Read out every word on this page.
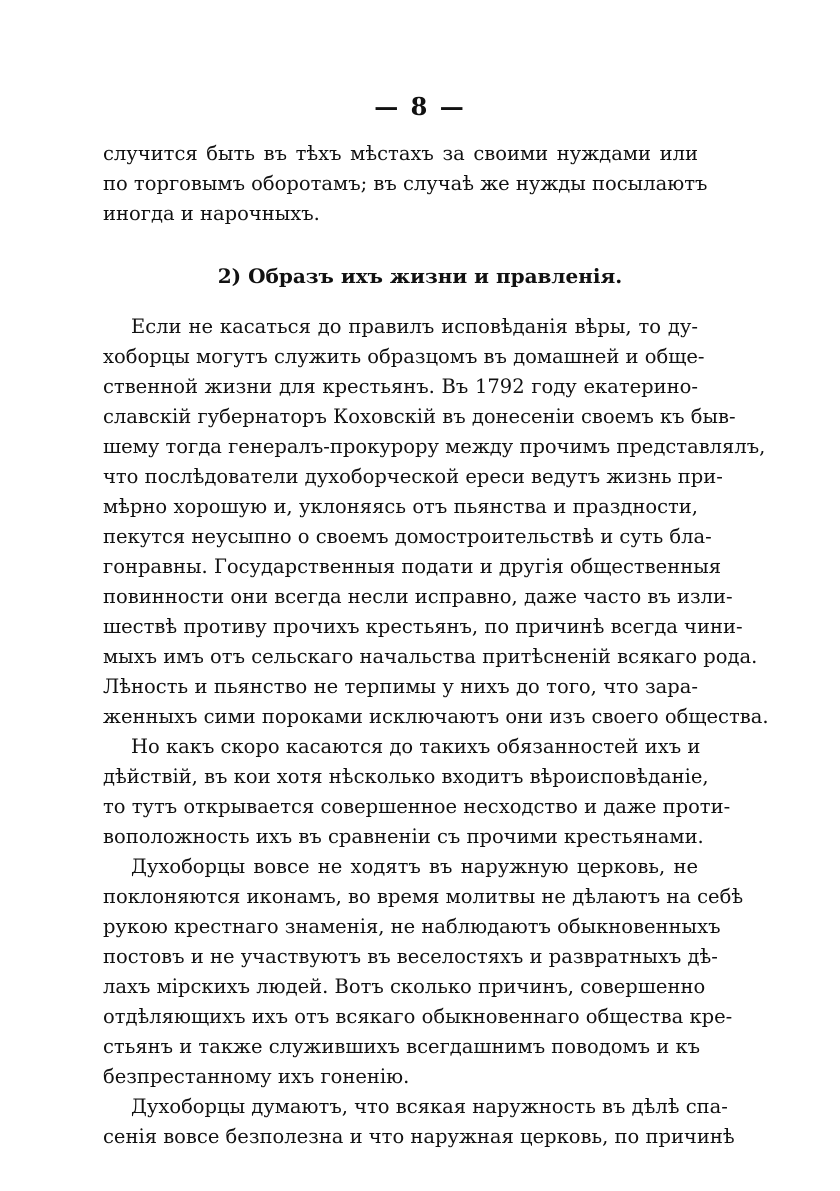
— 8 —
случится быть въ тѣхъ мѣстахъ за своими нуждами или
по торговымъ оборотамъ; въ случаѣ же нужды посылаютъ
иногда и нарочныхъ.
2) Образъ ихъ жизни и правленія.
Если не касаться до правилъ исповѣданія вѣры, то ду-
хоборцы могутъ служить образцомъ въ домашней и обще-
ственной жизни для крестьянъ. Въ 1792 году екатерино-
славскій губернаторъ Коховскій въ донесеніи своемъ къ быв-
шему тогда генералъ-прокурору между прочимъ представлялъ,
что послѣдователи духоборческой ереси ведутъ жизнь при-
мѣрно хорошую и, уклоняясь отъ пьянства и праздности,
пекутся неусыпно о своемъ домостроительствѣ и суть бла-
гонравны. Государственныя подати и другія общественныя
повинности они всегда несли исправно, даже часто въ изли-
шествѣ противу прочихъ крестьянъ, по причинѣ всегда чини-
мыхъ имъ отъ сельскаго начальства притѣсненій всякаго рода.
Лѣность и пьянство не терпимы у нихъ до того, что зара-
женныхъ сими пороками исключаютъ они изъ своего общества.
Но какъ скоро касаются до такихъ обязанностей ихъ и
дѣйствій, въ кои хотя нѣсколько входитъ вѣроисповѣданіе,
то тутъ открывается совершенное несходство и даже проти-
воположность ихъ въ сравненіи съ прочими крестьянами.
Духоборцы вовсе не ходятъ въ наружную церковь, не
поклоняются иконамъ, во время молитвы не дѣлаютъ на себѣ
рукою крестнаго знаменія, не наблюдаютъ обыкновенныхъ
постовъ и не участвуютъ въ веселостяхъ и развратныхъ дѣ-
лахъ мірскихъ людей. Вотъ сколько причинъ, совершенно
отдѣляющихъ ихъ отъ всякаго обыкновеннаго общества кре-
стьянъ и также служившихъ всегдашнимъ поводомъ и къ
безпрестанному ихъ гоненію.
Духоборцы думаютъ, что всякая наружность въ дѣлѣ спа-
сенія вовсе безполезна и что наружная церковь, по причинѣ
